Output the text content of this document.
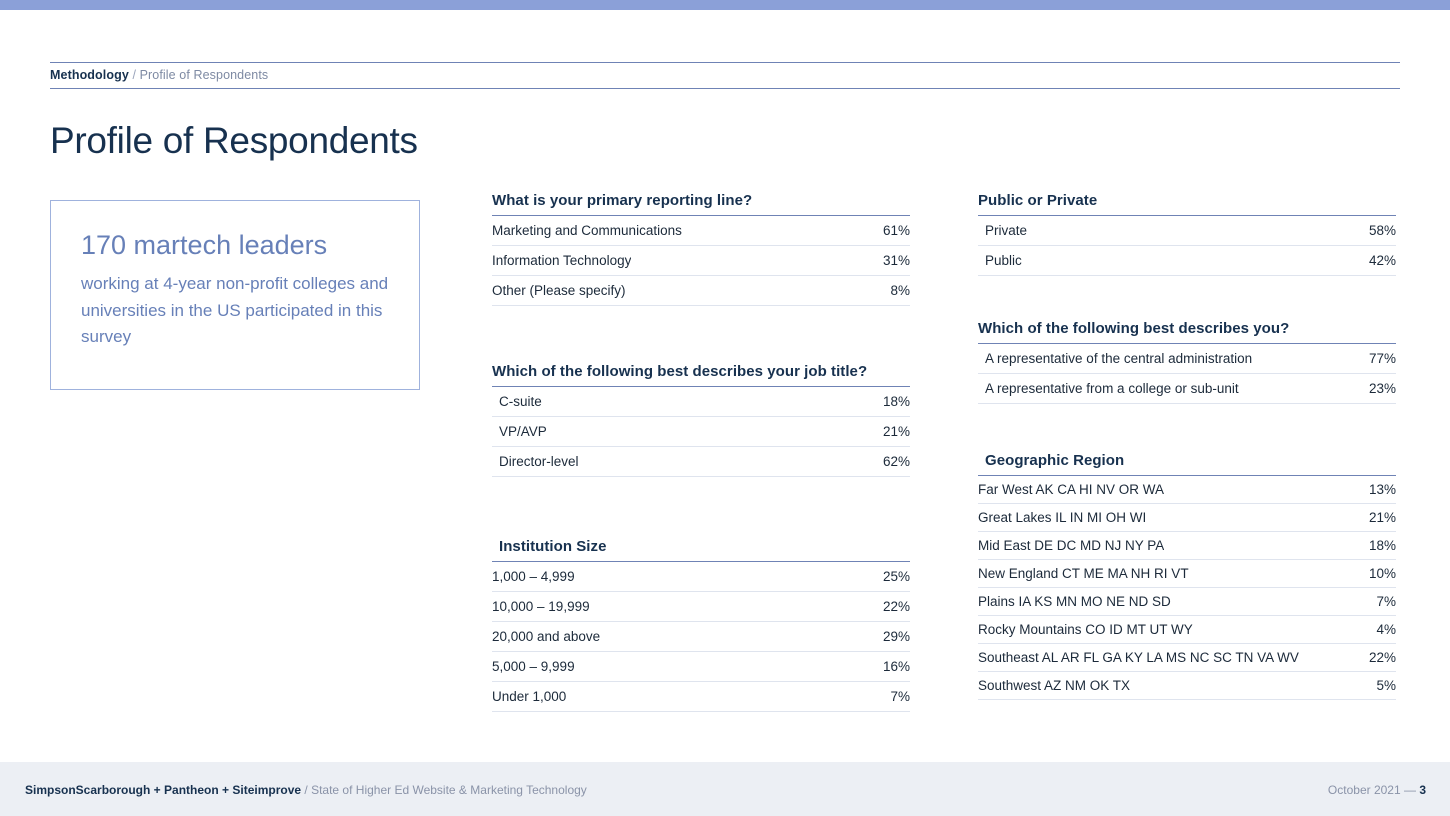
Methodology / Profile of Respondents
Profile of Respondents

170 martech leaders

working at 4-year non-profit colleges and universities in the US participated in this survey

What is your primary reporting line?
Marketing and Communications	61%
Information Technology	31%
Other (Please specify)	8%
Which of the following best describes your job title?
C-suite	18%
VP/AVP	21%
Director-level	62%
Institution Size
1,000 – 4,999	25%
10,000 – 19,999	22%
20,000 and above	29%
5,000 – 9,999	16%
Under 1,000	7%
Public or Private
Private	58%
Public	42%
Which of the following best describes you?
A representative of the central administration	77%
A representative from a college or sub-unit	23%
Geographic Region
Far West AK CA HI NV OR WA	13%
Great Lakes IL IN MI OH WI	21%
Mid East DE DC MD NJ NY PA	18%
New England CT ME MA NH RI VT	10%
Plains IA KS MN MO NE ND SD	7%
Rocky Mountains CO ID MT UT WY	4%
Southeast AL AR FL GA KY LA MS NC SC TN VA WV	22%
Southwest AZ NM OK TX	5%
SimpsonScarborough + Pantheon + Siteimprove / State of Higher Ed Website & Marketing Technology	October 2021 — 3
